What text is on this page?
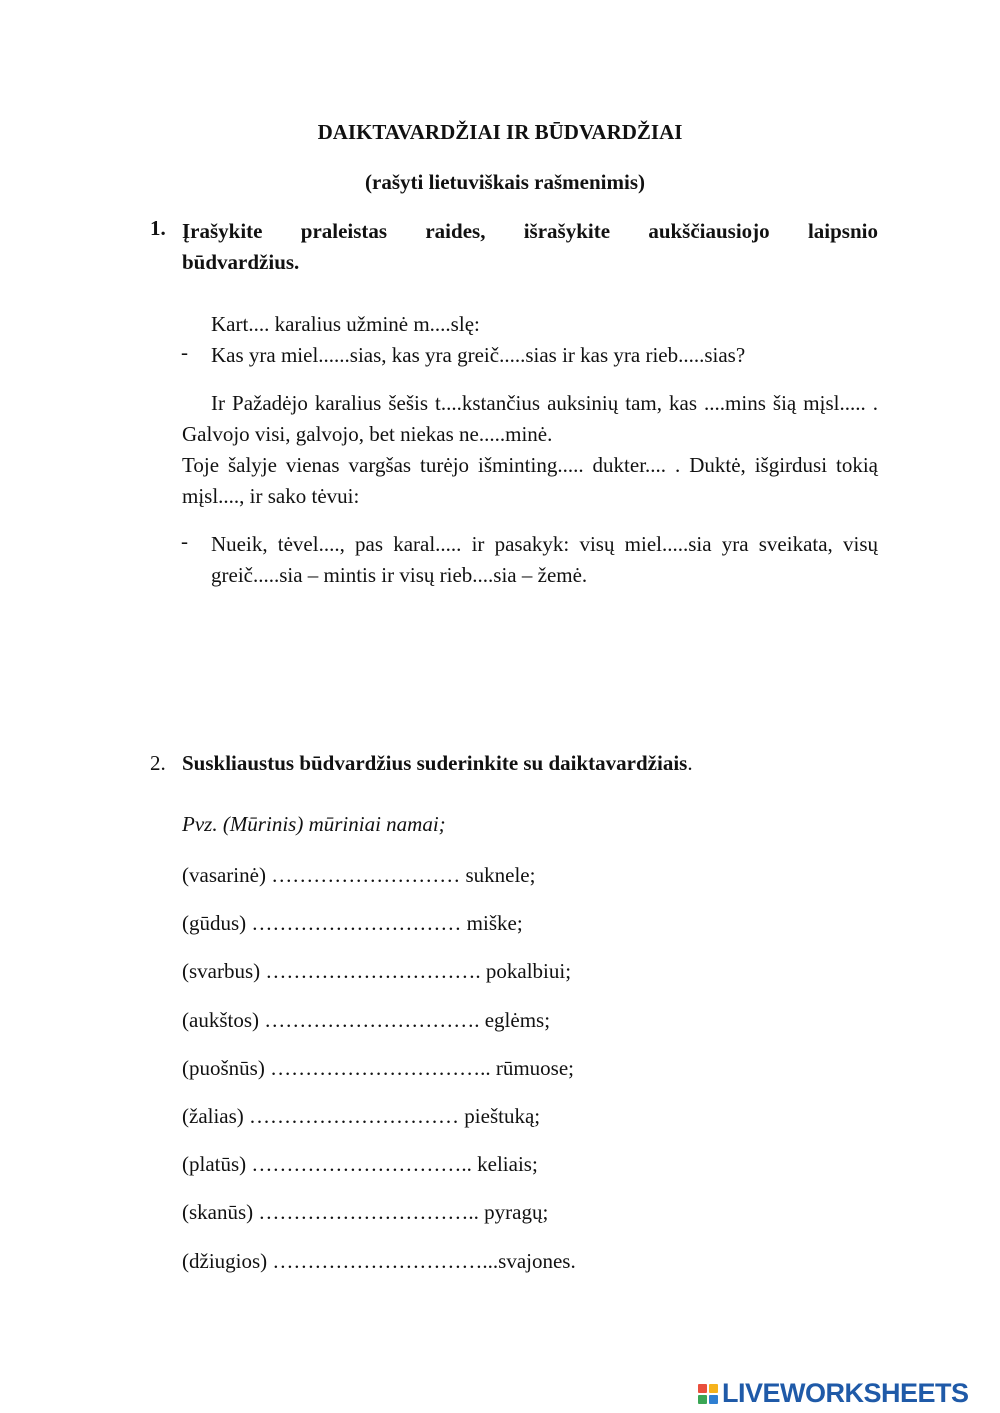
DAIKTAVARDŽIAI IR BŪDVARDŽIAI
(rašyti lietuviškais rašmenimis)
1. Įrašykite praleistas raides, išrašykite aukščiausiojo laipsnio
būdvardžius.
Kart.... karalius užminė m....slę:
- Kas yra miel......sias, kas yra greič.....sias ir kas yra rieb.....sias?
Ir Pažadėjo karalius šešis t....kstančius auksinių tam, kas ....mins šią mįsl..... . Galvojo visi, galvojo, bet niekas ne.....minė.
Toje šalyje vienas vargšas turėjo išminting..... dukter.... . Duktė, išgirdusi tokią mįsl...., ir sako tėvui:
- Nueik, tėvel...., pas karal..... ir pasakyk: visų miel.....sia yra sveikata, visų greič.....sia – mintis ir visų rieb....sia – žemė.
2. Suskliaustus būdvardžius suderinkite su daiktavardžiais.
Pvz. (Mūrinis) mūriniai namai;
(vasarinė) ……………………… suknele;
(gūdus) ………………………… miške;
(svarbus) …………………………. pokalbiui;
(aukštos) …………………………. eglėms;
(puošnūs) ………………………….. rūmuose;
(žalias) ………………………… pieštuką;
(platūs) ………………………….. keliais;
(skanūs) ………………………….. pyragų;
(džiugios) …………………………...svajones.
LIVEWORKSHEETS
